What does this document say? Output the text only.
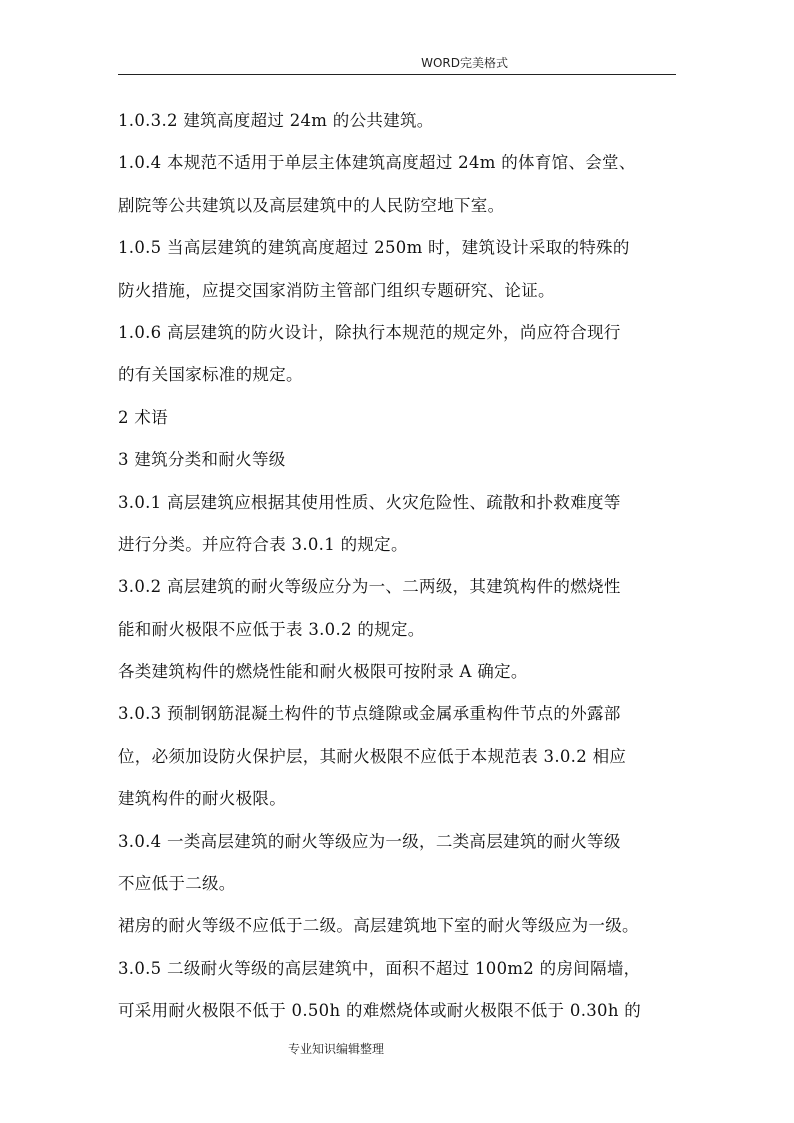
WORD完美格式
1.0.3.2 建筑高度超过 24m 的公共建筑。
1.0.4 本规范不适用于单层主体建筑高度超过 24m 的体育馆、会堂、
剧院等公共建筑以及高层建筑中的人民防空地下室。
1.0.5 当高层建筑的建筑高度超过 250m 时，建筑设计采取的特殊的
防火措施，应提交国家消防主管部门组织专题研究、论证。
1.0.6 高层建筑的防火设计，除执行本规范的规定外，尚应符合现行
的有关国家标准的规定。
2 术语
3 建筑分类和耐火等级
3.0.1 高层建筑应根据其使用性质、火灾危险性、疏散和扑救难度等
进行分类。并应符合表 3.0.1 的规定。
3.0.2 高层建筑的耐火等级应分为一、二两级，其建筑构件的燃烧性
能和耐火极限不应低于表 3.0.2 的规定。
各类建筑构件的燃烧性能和耐火极限可按附录 A 确定。
3.0.3 预制钢筋混凝土构件的节点缝隙或金属承重构件节点的外露部
位，必须加设防火保护层，其耐火极限不应低于本规范表 3.0.2 相应
建筑构件的耐火极限。
3.0.4 一类高层建筑的耐火等级应为一级，二类高层建筑的耐火等级
不应低于二级。
裙房的耐火等级不应低于二级。高层建筑地下室的耐火等级应为一级。
3.0.5 二级耐火等级的高层建筑中，面积不超过 100m2 的房间隔墙，
可采用耐火极限不低于 0.50h 的难燃烧体或耐火极限不低于 0.30h 的
专业知识编辑整理
